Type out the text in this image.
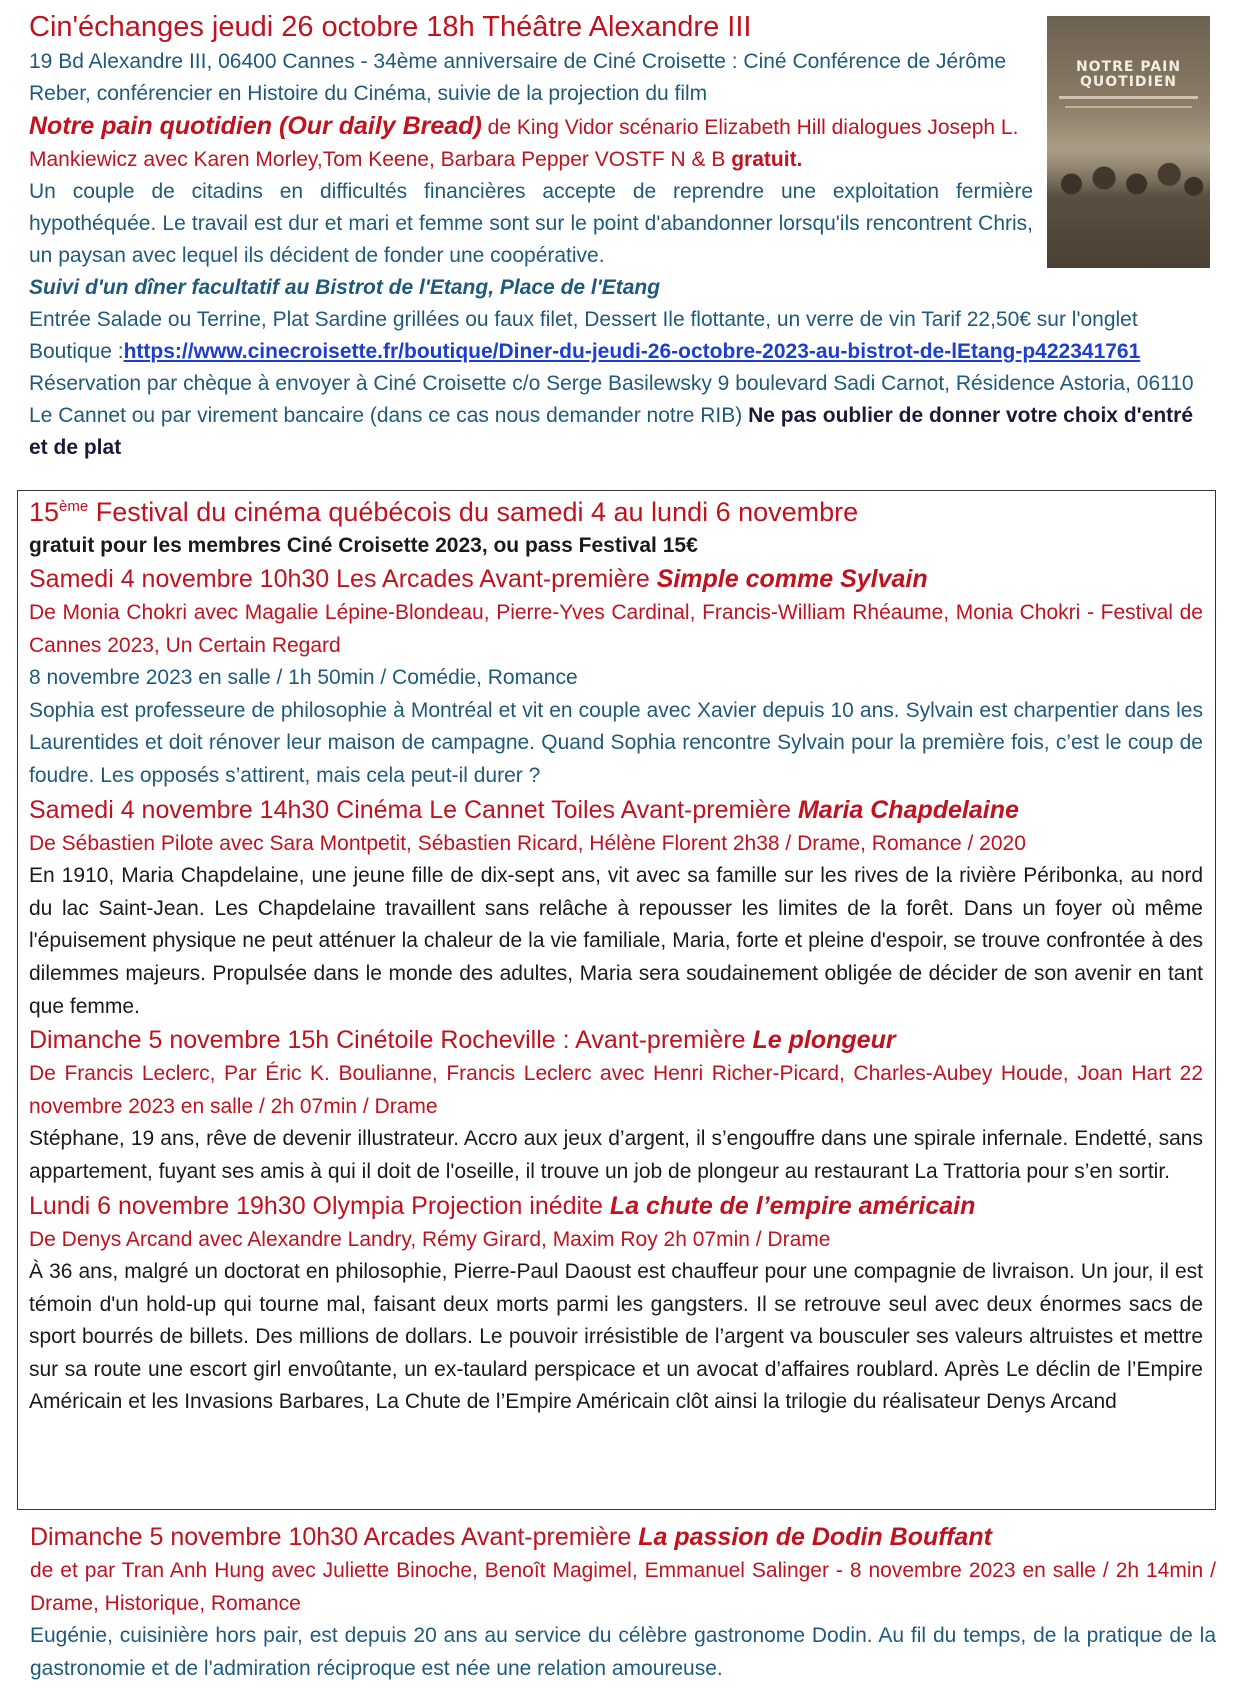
Cin'échanges jeudi 26 octobre 18h Théâtre Alexandre III
19 Bd Alexandre III, 06400 Cannes - 34ème anniversaire de Ciné Croisette : Ciné Conférence de Jérôme Reber, conférencier en Histoire du Cinéma, suivie de la projection du film
Notre pain quotidien (Our daily Bread) de King Vidor scénario Elizabeth Hill dialogues Joseph L. Mankiewicz avec Karen Morley,Tom Keene, Barbara Pepper VOSTF N & B gratuit.
Un couple de citadins en difficultés financières accepte de reprendre une exploitation fermière hypothéquée. Le travail est dur et mari et femme sont sur le point d'abandonner lorsqu'ils rencontrent Chris, un paysan avec lequel ils décident de fonder une coopérative.
Suivi d'un dîner facultatif au Bistrot de l'Etang, Place de l'Etang
Entrée Salade ou Terrine, Plat Sardine grillées ou faux filet, Dessert Ile flottante, un verre de vin Tarif 22,50€ sur l'onglet Boutique :https://www.cinecroisette.fr/boutique/Diner-du-jeudi-26-octobre-2023-au-bistrot-de-lEtang-p422341761 Réservation par chèque à envoyer à Ciné Croisette c/o Serge Basilewsky 9 boulevard Sadi Carnot, Résidence Astoria, 06110 Le Cannet ou par virement bancaire (dans ce cas nous demander notre RIB) Ne pas oublier de donner votre choix d'entré et de plat
NOTRE PAIN
QUOTIDIEN
15ème Festival du cinéma québécois du samedi 4 au lundi 6 novembre
gratuit pour les membres Ciné Croisette 2023, ou pass Festival 15€
Samedi 4 novembre 10h30 Les Arcades Avant-première Simple comme Sylvain
De Monia Chokri avec Magalie Lépine-Blondeau, Pierre-Yves Cardinal, Francis-William Rhéaume, Monia Chokri - Festival de Cannes 2023, Un Certain Regard
8 novembre 2023 en salle / 1h 50min / Comédie, Romance
Sophia est professeure de philosophie à Montréal et vit en couple avec Xavier depuis 10 ans. Sylvain est charpentier dans les Laurentides et doit rénover leur maison de campagne. Quand Sophia rencontre Sylvain pour la première fois, c’est le coup de foudre. Les opposés s’attirent, mais cela peut-il durer ?
Samedi 4 novembre 14h30 Cinéma Le Cannet Toiles Avant-première Maria Chapdelaine
De Sébastien Pilote avec Sara Montpetit, Sébastien Ricard, Hélène Florent 2h38 / Drame, Romance / 2020
En 1910, Maria Chapdelaine, une jeune fille de dix-sept ans, vit avec sa famille sur les rives de la rivière Péribonka, au nord du lac Saint-Jean. Les Chapdelaine travaillent sans relâche à repousser les limites de la forêt. Dans un foyer où même l'épuisement physique ne peut atténuer la chaleur de la vie familiale, Maria, forte et pleine d'espoir, se trouve confrontée à des dilemmes majeurs. Propulsée dans le monde des adultes, Maria sera soudainement obligée de décider de son avenir en tant que femme.
Dimanche 5 novembre 15h Cinétoile Rocheville : Avant-première Le plongeur
De Francis Leclerc, Par Éric K. Boulianne, Francis Leclerc avec Henri Richer-Picard, Charles-Aubey Houde, Joan Hart 22 novembre 2023 en salle / 2h 07min / Drame
Stéphane, 19 ans, rêve de devenir illustrateur. Accro aux jeux d’argent, il s’engouffre dans une spirale infernale. Endetté, sans appartement, fuyant ses amis à qui il doit de l'oseille, il trouve un job de plongeur au restaurant La Trattoria pour s’en sortir.
Lundi 6 novembre 19h30 Olympia Projection inédite La chute de l’empire américain
De Denys Arcand avec Alexandre Landry, Rémy Girard, Maxim Roy 2h 07min / Drame
À 36 ans, malgré un doctorat en philosophie, Pierre-Paul Daoust est chauffeur pour une compagnie de livraison. Un jour, il est témoin d'un hold-up qui tourne mal, faisant deux morts parmi les gangsters. Il se retrouve seul avec deux énormes sacs de sport bourrés de billets. Des millions de dollars. Le pouvoir irrésistible de l’argent va bousculer ses valeurs altruistes et mettre sur sa route une escort girl envoûtante, un ex-taulard perspicace et un avocat d’affaires roublard. Après Le déclin de l’Empire Américain et les Invasions Barbares, La Chute de l’Empire Américain clôt ainsi la trilogie du réalisateur Denys Arcand
Dimanche 5 novembre 10h30 Arcades Avant-première La passion de Dodin Bouffant
de et par Tran Anh Hung avec Juliette Binoche, Benoît Magimel, Emmanuel Salinger - 8 novembre 2023 en salle / 2h 14min / Drame, Historique, Romance
Eugénie, cuisinière hors pair, est depuis 20 ans au service du célèbre gastronome Dodin. Au fil du temps, de la pratique de la gastronomie et de l'admiration réciproque est née une relation amoureuse.
